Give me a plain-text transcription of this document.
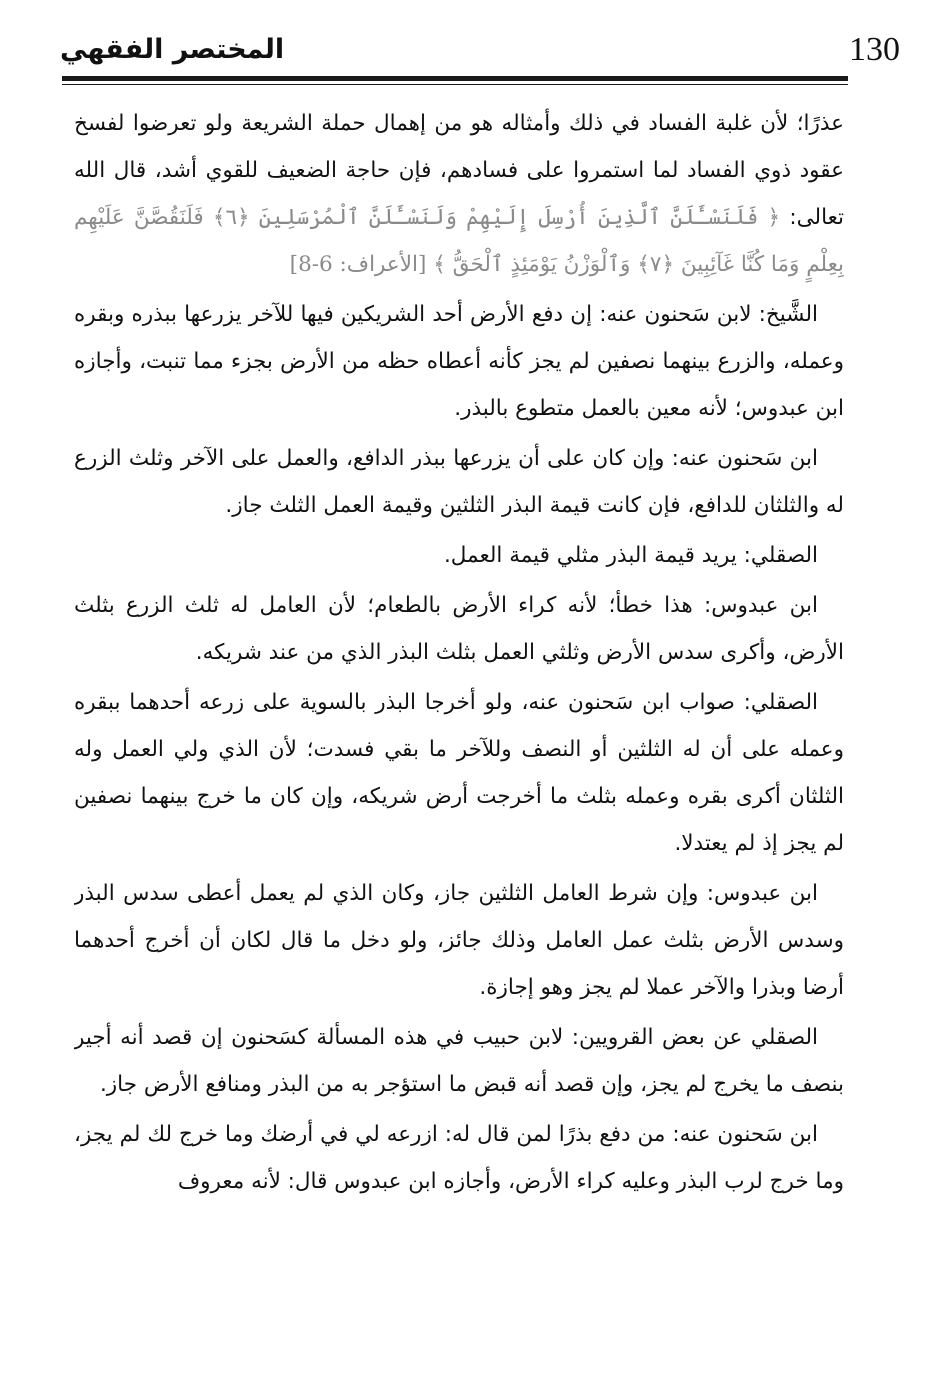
130
المختصر الفقهي

عذرًا؛ لأن غلبة الفساد في ذلك وأمثاله هو من إهمال حملة الشريعة ولو تعرضوا لفسخ عقود ذوي الفساد لما استمروا على فسادهم، فإن حاجة الضعيف للقوي أشد، قال الله تعالى: ﴿ فَلَنَسْـَٔلَنَّ ٱلَّذِينَ أُرْسِلَ إِلَيْهِمْ وَلَنَسْـَٔلَنَّ ٱلْمُرْسَلِينَ ﴿٦﴾ فَلَنَقُصَّنَّ عَلَيْهِم بِعِلْمٍ وَمَا كُنَّا غَآئِبِينَ ﴿٧﴾ وَٱلْوَزْنُ يَوْمَئِذٍ ٱلْحَقُّ ﴾ [الأعراف: 6-8]

الشَّيخ: لابن سَحنون عنه: إن دفع الأرض أحد الشريكين فيها للآخر يزرعها ببذره وبقره وعمله، والزرع بينهما نصفين لم يجز كأنه أعطاه حظه من الأرض بجزء مما تنبت، وأجازه ابن عبدوس؛ لأنه معين بالعمل متطوع بالبذر.

ابن سَحنون عنه: وإن كان على أن يزرعها ببذر الدافع، والعمل على الآخر وثلث الزرع له والثلثان للدافع، فإن كانت قيمة البذر الثلثين وقيمة العمل الثلث جاز.

الصقلي: يريد قيمة البذر مثلي قيمة العمل.

ابن عبدوس: هذا خطأ؛ لأنه كراء الأرض بالطعام؛ لأن العامل له ثلث الزرع بثلث الأرض، وأكرى سدس الأرض وثلثي العمل بثلث البذر الذي من عند شريكه.

الصقلي: صواب ابن سَحنون عنه، ولو أخرجا البذر بالسوية على زرعه أحدهما ببقره وعمله على أن له الثلثين أو النصف وللآخر ما بقي فسدت؛ لأن الذي ولي العمل وله الثلثان أكرى بقره وعمله بثلث ما أخرجت أرض شريكه، وإن كان ما خرج بينهما نصفين لم يجز إذ لم يعتدلا.

ابن عبدوس: وإن شرط العامل الثلثين جاز، وكان الذي لم يعمل أعطى سدس البذر وسدس الأرض بثلث عمل العامل وذلك جائز، ولو دخل ما قال لكان أن أخرج أحدهما أرضا وبذرا والآخر عملا لم يجز وهو إجازة.

الصقلي عن بعض القرويين: لابن حبيب في هذه المسألة كسَحنون إن قصد أنه أجير بنصف ما يخرج لم يجز، وإن قصد أنه قبض ما استؤجر به من البذر ومنافع الأرض جاز.

ابن سَحنون عنه: من دفع بذرًا لمن قال له: ازرعه لي في أرضك وما خرج لك لم يجز، وما خرج لرب البذر وعليه كراء الأرض، وأجازه ابن عبدوس قال: لأنه معروف
